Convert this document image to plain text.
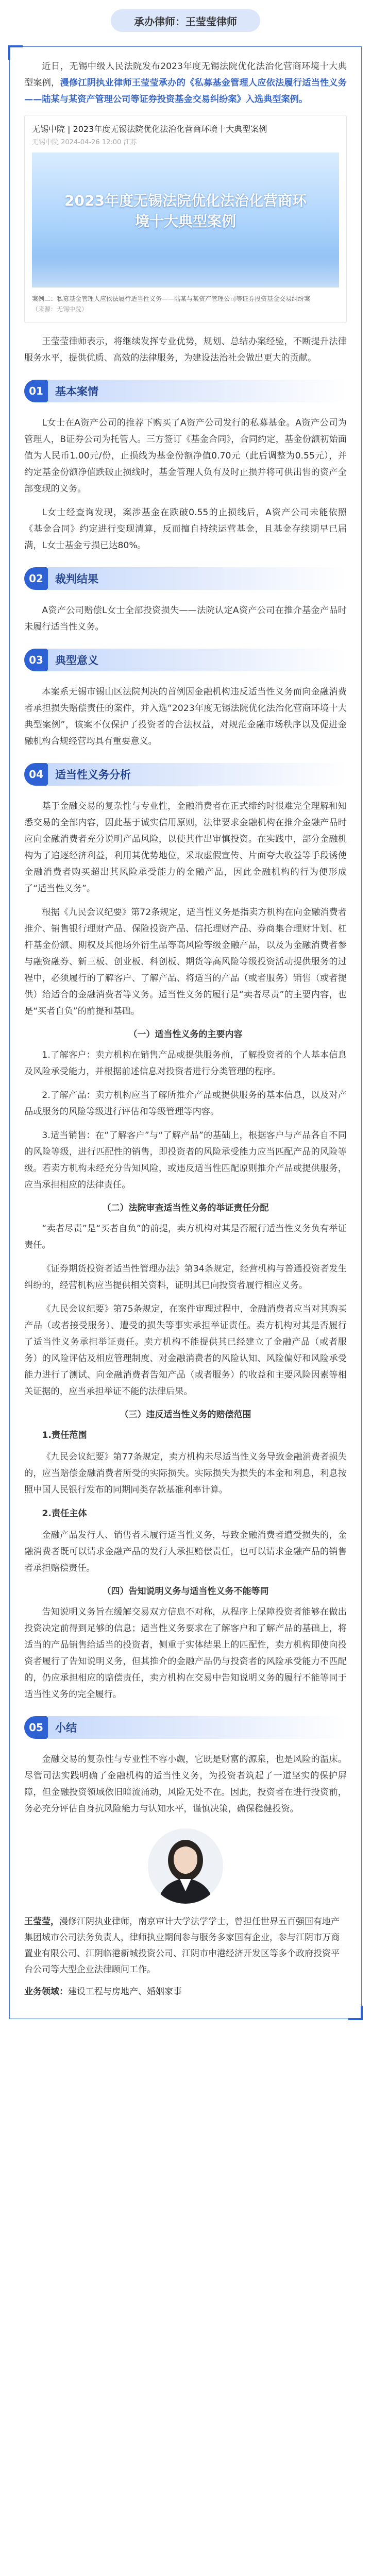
承办律师：王莹莹律师

近日，无锡中级人民法院发布2023年度无锡法院优化法治化营商环境十大典型案例，漫修江阴执业律师王莹莹承办的《私募基金管理人应依法履行适当性义务——陆某与某资产管理公司等证券投资基金交易纠纷案》入选典型案例。

无锡中院 | 2023年度无锡法院优化法治化营商环境十大典型案例
无锡中院 2024-04-26 12:00 江苏
2023年度无锡法院优化法治化营商环境十大典型案例
案例二：私募基金管理人应依法履行适当性义务——陆某与某资产管理公司等证券投资基金交易纠纷案
（来源：无锡中院）

王莹莹律师表示，将继续发挥专业优势，规划、总结办案经验，不断提升法律服务水平，提供优质、高效的法律服务，为建设法治社会做出更大的贡献。

01	基本案情

L女士在A资产公司的推荐下购买了A资产公司发行的私募基金。A资产公司为管理人，B证券公司为托管人。三方签订《基金合同》，合同约定，基金份额初始面值为人民币1.00元/份，止损线为基金份额净值0.70元（此后调整为0.55元），并约定基金份额净值跌破止损线时，基金管理人负有及时止损并将可供出售的资产全部变现的义务。

L女士经查询发现，案涉基金在跌破0.55的止损线后，A资产公司未能依照《基金合同》约定进行变现清算，反而擅自持续运营基金，且基金存续期早已届满，L女士基金亏损已达80%。

02	裁判结果

A资产公司赔偿L女士全部投资损失——法院认定A资产公司在推介基金产品时未履行适当性义务。

03	典型意义

本案系无锡市锡山区法院判决的首例因金融机构违反适当性义务而向金融消费者承担损失赔偿责任的案件，并入选“2023年度无锡法院优化法治化营商环境十大典型案例”，该案不仅保护了投资者的合法权益，对规范金融市场秩序以及促进金融机构合规经营均具有重要意义。

04	适当性义务分析

基于金融交易的复杂性与专业性，金融消费者在正式缔约时很难完全理解和知悉交易的全部内容，因此基于诚实信用原则，法律要求金融机构在推介金融产品时应向金融消费者充分说明产品风险，以使其作出审慎投资。在实践中，部分金融机构为了追逐经济利益，利用其优势地位，采取虚假宣传、片面夸大收益等手段诱使金融消费者购买超出其风险承受能力的金融产品，因此金融机构的行为便形成了“适当性义务”。

根据《九民会议纪要》第72条规定，适当性义务是指卖方机构在向金融消费者推介、销售银行理财产品、保险投资产品、信托理财产品、券商集合理财计划、杠杆基金份额、期权及其他场外衍生品等高风险等级金融产品，以及为金融消费者参与融资融券、新三板、创业板、科创板、期货等高风险等级投资活动提供服务的过程中，必须履行的了解客户、了解产品、将适当的产品（或者服务）销售（或者提供）给适合的金融消费者等义务。适当性义务的履行是“卖者尽责”的主要内容，也是“买者自负”的前提和基础。

（一）适当性义务的主要内容

1.了解客户：卖方机构在销售产品或提供服务前，了解投资者的个人基本信息及风险承受能力，并根据前述信息对投资者进行分类管理的程序。

2.了解产品：卖方机构应当了解所推介产品或提供服务的基本信息，以及对产品或服务的风险等级进行评估和等级管理等内容。

3.适当销售：在“了解客户”与“了解产品”的基础上，根据客户与产品各自不同的风险等级，进行匹配性的销售，即投资者的风险承受能力应当匹配产品的风险等级。若卖方机构未经充分告知风险，或违反适当性匹配原则推介产品或提供服务，应当承担相应的法律责任。

（二）法院审查适当性义务的举证责任分配

“卖者尽责”是“买者自负”的前提，卖方机构对其是否履行适当性义务负有举证责任。

《证券期货投资者适当性管理办法》第34条规定，经营机构与普通投资者发生纠纷的，经营机构应当提供相关资料，证明其已向投资者履行相应义务。

《九民会议纪要》第75条规定，在案件审理过程中，金融消费者应当对其购买产品（或者接受服务）、遭受的损失等事实承担举证责任。卖方机构对其是否履行了适当性义务承担举证责任。卖方机构不能提供其已经建立了金融产品（或者服务）的风险评估及相应管理制度、对金融消费者的风险认知、风险偏好和风险承受能力进行了测试、向金融消费者告知产品（或者服务）的收益和主要风险因素等相关证据的，应当承担举证不能的法律后果。

（三）违反适当性义务的赔偿范围
1.责任范围

《九民会议纪要》第77条规定，卖方机构未尽适当性义务导致金融消费者损失的，应当赔偿金融消费者所受的实际损失。实际损失为损失的本金和利息，利息按照中国人民银行发布的同期同类存款基准利率计算。

2.责任主体

金融产品发行人、销售者未履行适当性义务，导致金融消费者遭受损失的，金融消费者既可以请求金融产品的发行人承担赔偿责任，也可以请求金融产品的销售者承担赔偿责任。

（四）告知说明义务与适当性义务不能等同

告知说明义务旨在缓解交易双方信息不对称，从程序上保障投资者能够在做出投资决定前得到足够的信息；适当性义务要求在了解客户和了解产品的基础上，将适当的产品销售给适当的投资者，侧重于实体结果上的匹配性，卖方机构即使向投资者履行了告知说明义务，但其推介的金融产品仍与投资者的风险承受能力不匹配的，仍应承担相应的赔偿责任，卖方机构在交易中告知说明义务的履行不能等同于适当性义务的完全履行。

05	小结

金融交易的复杂性与专业性不容小觑，它既是财富的源泉，也是风险的温床。尽管司法实践明确了金融机构的适当性义务，为投资者筑起了一道坚实的保护屏障，但金融投资领域依旧暗流涌动，风险无处不在。因此，投资者在进行投资前，务必充分评估自身抗风险能力与认知水平，谨慎决策，确保稳健投资。

王莹莹，漫修江阴执业律师，南京审计大学法学学士，曾担任世界五百强国有地产集团城市公司法务负责人，律师执业期间参与服务多家国有企业，参与江阴市万商置业有限公司、江阴临港新城投资公司、江阴市申港经济开发区等多个政府投资平台公司等大型企业法律顾问工作。

业务领域：建设工程与房地产、婚姻家事
